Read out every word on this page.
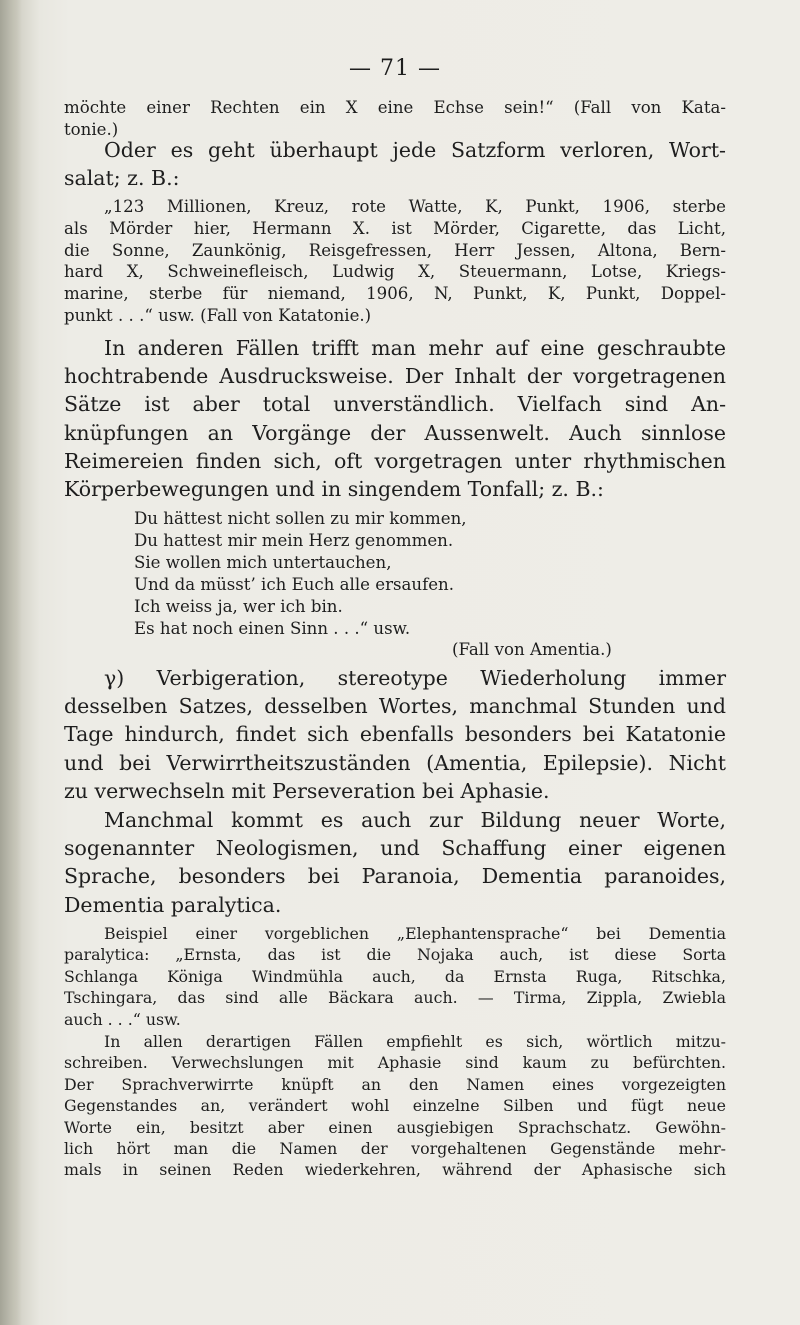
— 71 —
möchte einer Rechten ein X eine Echse sein!“ (Fall von Kata-
tonie.)
Oder es geht überhaupt jede Satzform verloren, Wort-
salat; z. B.:
„123 Millionen, Kreuz, rote Watte, K, Punkt, 1906, sterbe
als Mörder hier, Hermann X. ist Mörder, Cigarette, das Licht,
die Sonne, Zaunkönig, Reisgefressen, Herr Jessen, Altona, Bern-
hard X, Schweinefleisch, Ludwig X, Steuermann, Lotse, Kriegs-
marine, sterbe für niemand, 1906, N, Punkt, K, Punkt, Doppel-
punkt . . .“ usw. (Fall von Katatonie.)
In anderen Fällen trifft man mehr auf eine geschraubte
hochtrabende Ausdrucksweise. Der Inhalt der vorgetragenen
Sätze ist aber total unverständlich. Vielfach sind An-
knüpfungen an Vorgänge der Aussenwelt. Auch sinnlose
Reimereien finden sich, oft vorgetragen unter rhythmischen
Körperbewegungen und in singendem Tonfall; z. B.:
Du hättest nicht sollen zu mir kommen,
Du hattest mir mein Herz genommen.
Sie wollen mich untertauchen,
Und da müsst’ ich Euch alle ersaufen.
Ich weiss ja, wer ich bin.
Es hat noch einen Sinn . . .“ usw.
(Fall von Amentia.)
γ) Verbigeration, stereotype Wiederholung immer
desselben Satzes, desselben Wortes, manchmal Stunden und
Tage hindurch, findet sich ebenfalls besonders bei Katatonie
und bei Verwirrtheitszuständen (Amentia, Epilepsie). Nicht
zu verwechseln mit Perseveration bei Aphasie.
Manchmal kommt es auch zur Bildung neuer Worte,
sogenannter Neologismen, und Schaffung einer eigenen
Sprache, besonders bei Paranoia, Dementia paranoides,
Dementia paralytica.
Beispiel einer vorgeblichen „Elephantensprache“ bei Dementia
paralytica: „Ernsta, das ist die Nojaka auch, ist diese Sorta
Schlanga Königa Windmühla auch, da Ernsta Ruga, Ritschka,
Tschingara, das sind alle Bäckara auch. — Tirma, Zippla, Zwiebla
auch . . .“ usw.
In allen derartigen Fällen empfiehlt es sich, wörtlich mitzu-
schreiben. Verwechslungen mit Aphasie sind kaum zu befürchten.
Der Sprachverwirrte knüpft an den Namen eines vorgezeigten
Gegenstandes an, verändert wohl einzelne Silben und fügt neue
Worte ein, besitzt aber einen ausgiebigen Sprachschatz. Gewöhn-
lich hört man die Namen der vorgehaltenen Gegenstände mehr-
mals in seinen Reden wiederkehren, während der Aphasische sich
